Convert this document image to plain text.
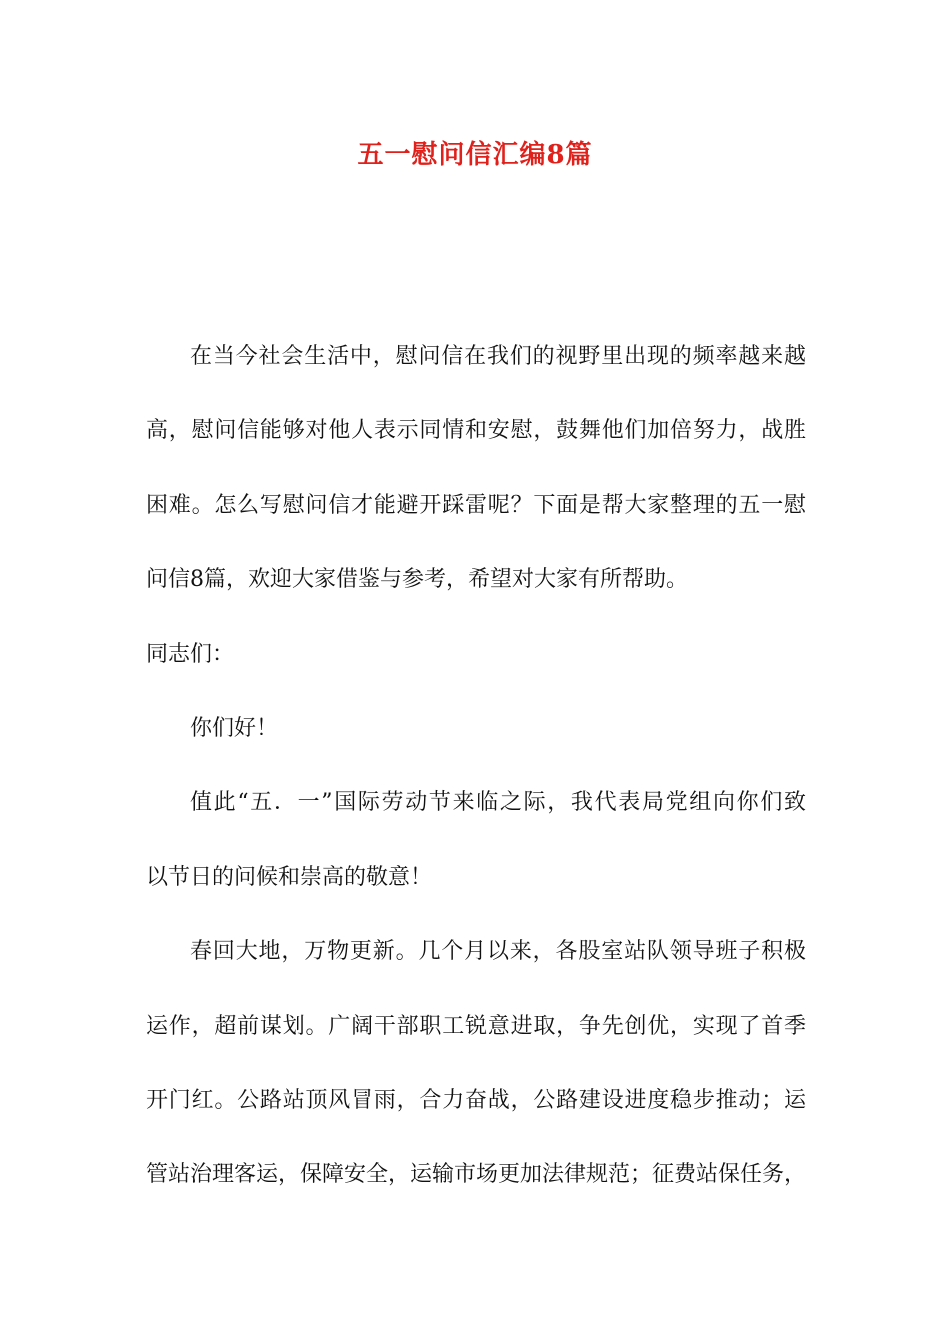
五一慰问信汇编8篇

在当今社会生活中，慰问信在我们的视野里出现的频率越来越
高，慰问信能够对他人表示同情和安慰，鼓舞他们加倍努力，战胜
困难。怎么写慰问信才能避开踩雷呢？下面是帮大家整理的五一慰
问信8篇，欢迎大家借鉴与参考，希望对大家有所帮助。

同志们：

你们好！

值此“五．一”国际劳动节来临之际，我代表局党组向你们致
以节日的问候和崇高的敬意！

春回大地，万物更新。几个月以来，各股室站队领导班子积极
运作，超前谋划。广阔干部职工锐意进取，争先创优，实现了首季
开门红。公路站顶风冒雨，合力奋战，公路建设进度稳步推动；运
管站治理客运，保障安全，运输市场更加法律规范；征费站保任务，
